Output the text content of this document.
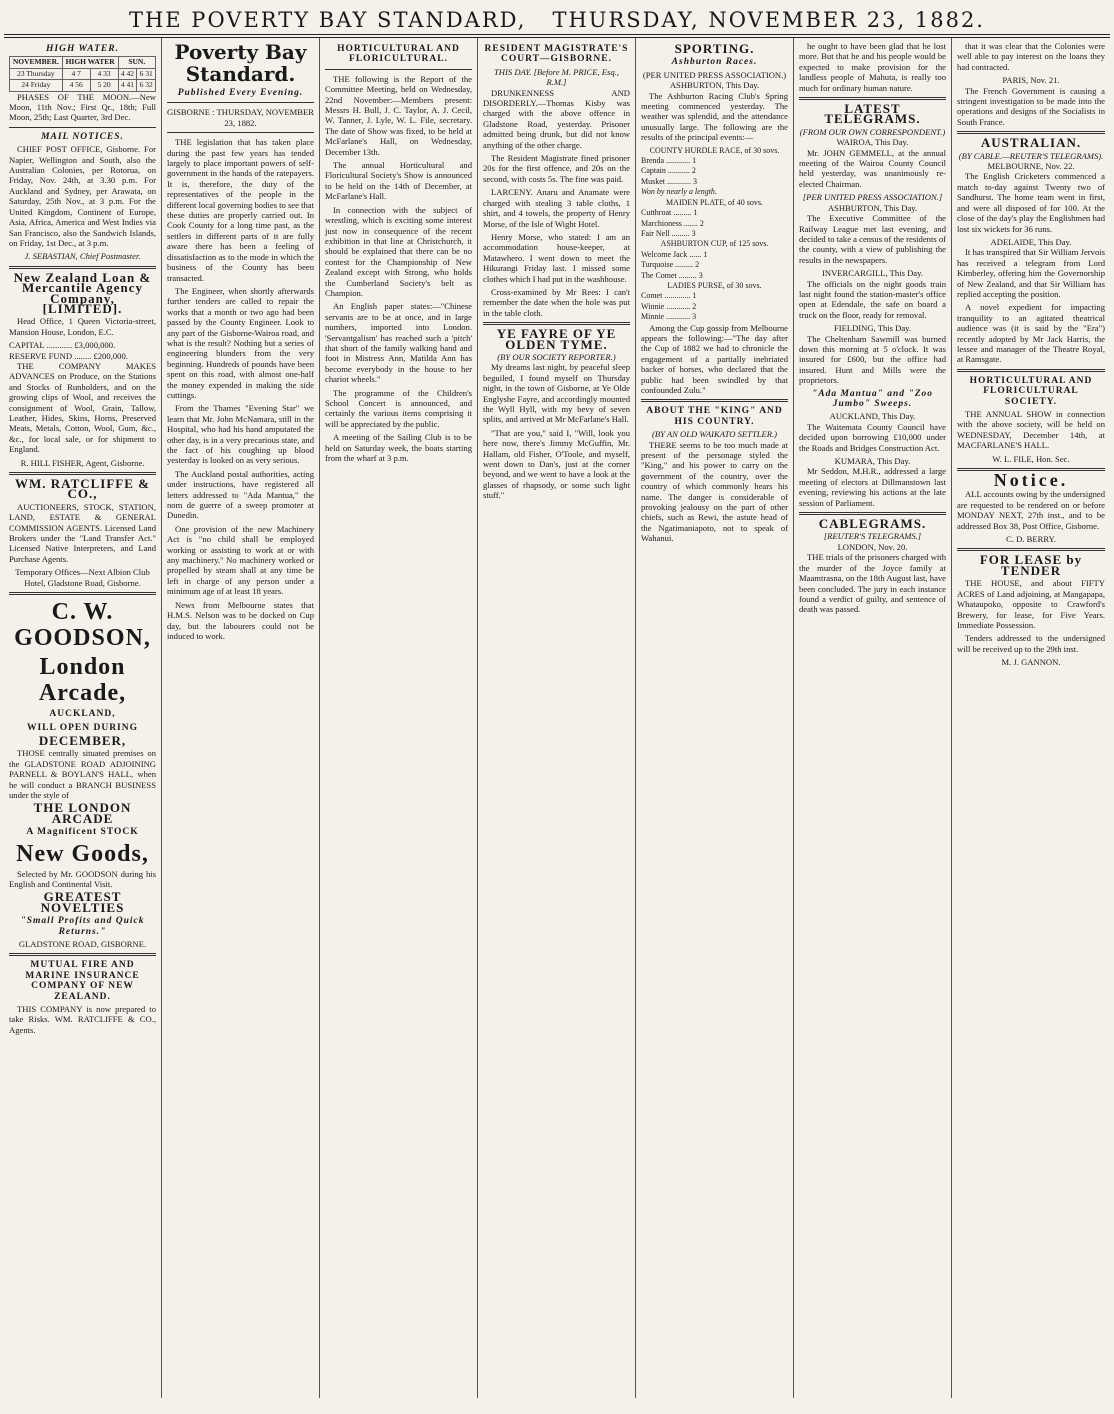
THE POVERTY BAY STANDARD, THURSDAY, NOVEMBER 23, 1882.
HIGH WATER.
NOVEMBER.	HIGH WATER		SUN.	
23 Thursday	4 7	4 33	4 42	6 31
24 Friday	4 56	5 20	4 41	6 32

PHASES OF THE MOON.—New Moon, 11th Nov.; First Qr., 18th; Full Moon, 25th; Last Quarter, 3rd Dec.

MAIL NOTICES.

CHIEF POST OFFICE, Gisborne. For Napier, Wellington and South, also the Australian Colonies, per Rotorua, on Friday, Nov. 24th, at 3.30 p.m. For Auckland and Sydney, per Arawata, on Saturday, 25th Nov., at 3 p.m. For the United Kingdom, Continent of Europe, Asia, Africa, America and West Indies via San Francisco, also the Sandwich Islands, on Friday, 1st Dec., at 3 p.m.

J. SEBASTIAN, Chief Postmaster.
New Zealand Loan & Mercantile Agency Company, [LIMITED].

Head Office, 1 Queen Victoria-street, Mansion House, London, E.C.

CAPITAL ............ £3,000,000.
RESERVE FUND ........ £200,000.

THE COMPANY MAKES ADVANCES on Produce, on the Stations and Stocks of Runholders, and on the growing clips of Wool, and receives the consignment of Wool, Grain, Tallow, Leather, Hides, Skins, Horns, Preserved Meats, Metals, Cotton, Wool, Gum, &c., &c., for local sale, or for shipment to England.

R. HILL FISHER, Agent, Gisborne.
WM. RATCLIFFE & CO.,

AUCTIONEERS, STOCK, STATION, LAND, ESTATE & GENERAL COMMISSION AGENTS. Licensed Land Brokers under the "Land Transfer Act." Licensed Native Interpreters, and Land Purchase Agents.

Temporary Offices—Next Albion Club Hotel, Gladstone Road, Gisborne.
C. W. GOODSON,
London Arcade,
AUCKLAND,
WILL OPEN DURING
DECEMBER,

THOSE centrally situated premises on the GLADSTONE ROAD ADJOINING PARNELL & BOYLAN'S HALL, when he will conduct a BRANCH BUSINESS under the style of

THE LONDON ARCADE
A Magnificent STOCK
New Goods,

Selected by Mr. GOODSON during his English and Continental Visit.

GREATEST NOVELTIES
"Small Profits and Quick Returns."
GLADSTONE ROAD, GISBORNE.
MUTUAL FIRE AND MARINE INSURANCE COMPANY OF NEW ZEALAND.

THIS COMPANY is now prepared to take Risks. WM. RATCLIFFE & CO., Agents.

Poverty Bay Standard.
Published Every Evening.
GISBORNE : THURSDAY, NOVEMBER 23, 1882.

THE legislation that has taken place during the past few years has tended largely to place important powers of self-government in the hands of the ratepayers. It is, therefore, the duty of the representatives of the people in the different local governing bodies to see that these duties are properly carried out. In Cook County for a long time past, as the settlers in different parts of it are fully aware there has been a feeling of dissatisfaction as to the mode in which the business of the County has been transacted.

The Engineer, when shortly afterwards further tenders are called to repair the works that a month or two ago had been passed by the County Engineer. Look to any part of the Gisborne-Wairoa road, and what is the result? Nothing but a series of engineering blunders from the very beginning. Hundreds of pounds have been spent on this road, with almost one-half the money expended in making the side cuttings.

From the Thames "Evening Star" we learn that Mr. John McNamara, still in the Hospital, who had his hand amputated the other day, is in a very precarious state, and the fact of his coughing up blood yesterday is looked on as very serious.

The Auckland postal authorities, acting under instructions, have registered all letters addressed to "Ada Mantua," the nom de guerre of a sweep promoter at Dunedin.

One provision of the new Machinery Act is "no child shall be employed working or assisting to work at or with any machinery." No machinery worked or propelled by steam shall at any time be left in charge of any person under a minimum age of at least 18 years.

News from Melbourne states that H.M.S. Nelson was to be docked on Cup day, but the labourers could not be induced to work.

HORTICULTURAL AND FLORICULTURAL.

THE following is the Report of the Committee Meeting, held on Wednesday, 22nd November:—Members present: Messrs H. Bull, J. C. Taylor, A. J. Cecil, W. Tanner, J. Lyle, W. L. File, secretary. The date of Show was fixed, to be held at McFarlane's Hall, on Wednesday, December 13th.

The annual Horticultural and Floricultural Society's Show is announced to be held on the 14th of December, at McFarlane's Hall.

In connection with the subject of wrestling, which is exciting some interest just now in consequence of the recent exhibition in that line at Christchurch, it should be explained that there can be no contest for the Championship of New Zealand except with Strong, who holds the Cumberland Society's belt as Champion.

An English paper states:—"Chinese servants are to be at once, and in large numbers, imported into London. 'Servantgalism' has reached such a 'pitch' that short of the family walking hand and foot in Mistress Ann, Matilda Ann has become everybody in the house to her chariot wheels."

The programme of the Children's School Concert is announced, and certainly the various items comprising it will be appreciated by the public.

A meeting of the Sailing Club is to be held on Saturday week, the boats starting from the wharf at 3 p.m.

RESIDENT MAGISTRATE'S COURT—GISBORNE.
THIS DAY. [Before M. PRICE, Esq., R.M.]

DRUNKENNESS AND DISORDERLY.—Thomas Kisby was charged with the above offence in Gladstone Road, yesterday. Prisoner admitted being drunk, but did not know anything of the other charge.

The Resident Magistrate fined prisoner 20s for the first offence, and 20s on the second, with costs 5s. The fine was paid.

LARCENY. Anaru and Anamate were charged with stealing 3 table cloths, 1 shirt, and 4 towels, the property of Henry Morse, of the Isle of Wight Hotel.

Henry Morse, who stated: I am an accommodation house-keeper, at Matawhero. I went down to meet the Hikurangi Friday last. I missed some clothes which I had put in the washhouse.

Cross-examined by Mr Rees: I can't remember the date when the hole was put in the table cloth.

YE FAYRE OF YE OLDEN TYME.
(BY OUR SOCIETY REPORTER.)

My dreams last night, by peaceful sleep beguiled, I found myself on Thursday night, in the town of Gisborne, at Ye Olde Englyshe Fayre, and accordingly mounted the Wyll Hyll, with my bevy of seven splits, and arrived at Mr McFarlane's Hall.

"That are you," said I, "Will, look you here now, there's Jimmy McGuffin, Mr. Hallam, old Fisher, O'Toole, and myself, went down to Dan's, just at the corner beyond, and we went to have a look at the glasses of rhapsody, or some such light stuff."

SPORTING.
Ashburton Races.
(PER UNITED PRESS ASSOCIATION.)
ASHBURTON, This Day.

The Ashburton Racing Club's Spring meeting commenced yesterday. The weather was splendid, and the attendance unusually large. The following are the results of the principal events:—

COUNTY HURDLE RACE, of 30 sovs.
Brenda ............ 1
Captain ........... 2
Musket ............ 3
Won by nearly a length.
MAIDEN PLATE, of 40 sovs.
Cutthroat ......... 1
Marchioness ....... 2
Fair Nell ......... 3
ASHBURTON CUP, of 125 sovs.
Welcome Jack ...... 1
Turquoise ......... 2
The Comet ......... 3
LADIES PURSE, of 30 sovs.
Comet ............. 1
Winnie ............ 2
Minnie ............ 3

Among the Cup gossip from Melbourne appears the following:—"The day after the Cup of 1882 we had to chronicle the engagement of a partially inebriated backer of horses, who declared that the public had been swindled by that confounded Zulu."

ABOUT THE "KING" AND HIS COUNTRY.
(BY AN OLD WAIKATO SETTLER.)

THERE seems to be too much made at present of the personage styled the "King," and his power to carry on the government of the country, over the country of which commonly hears his name. The danger is considerable of provoking jealousy on the part of other chiefs, such as Rewi, the astute head of the Ngatimaniapoto, not to speak of Wahanui.

he ought to have been glad that he lost more. But that he and his people would be expected to make provision for the landless people of Mahuta, is really too much for ordinary human nature.

LATEST TELEGRAMS.
(FROM OUR OWN CORRESPONDENT.)
WAIROA, This Day.

Mr. JOHN GEMMELL, at the annual meeting of the Wairoa County Council held yesterday, was unanimously re-elected Chairman.

[PER UNITED PRESS ASSOCIATION.]
ASHBURTON, This Day.

The Executive Committee of the Railway League met last evening, and decided to take a census of the residents of the county, with a view of publishing the results in the newspapers.

INVERCARGILL, This Day.

The officials on the night goods train last night found the station-master's office open at Edendale, the safe on board a truck on the floor, ready for removal.

FIELDING, This Day.

The Cheltenham Sawmill was burned down this morning at 5 o'clock. It was insured for £600, but the office had insured. Hunt and Mills were the proprietors.

"Ada Mantua" and "Zoo Jumbo" Sweeps.
AUCKLAND, This Day.

The Waitemata County Council have decided upon borrowing £10,000 under the Roads and Bridges Construction Act.

KUMARA, This Day.

Mr Seddon, M.H.R., addressed a large meeting of electors at Dillmanstown last evening, reviewing his actions at the late session of Parliament.

CABLEGRAMS.
[REUTER'S TELEGRAMS.]
LONDON, Nov. 20.

THE trials of the prisoners charged with the murder of the Joyce family at Maamtrasna, on the 18th August last, have been concluded. The jury in each instance found a verdict of guilty, and sentence of death was passed.

that it was clear that the Colonies were well able to pay interest on the loans they had contracted.

PARIS, Nov. 21.

The French Government is causing a stringent investigation to be made into the operations and designs of the Socialists in South France.

AUSTRALIAN.
(BY CABLE.—REUTER'S TELEGRAMS).
MELBOURNE, Nov. 22.

The English Cricketers commenced a match to-day against Twenty two of Sandhurst. The home team went in first, and were all disposed of for 100. At the close of the day's play the Englishmen had lost six wickets for 36 runs.

ADELAIDE, This Day.

It has transpired that Sir William Jervois has received a telegram from Lord Kimberley, offering him the Governorship of New Zealand, and that Sir William has replied accepting the position.

A novel expedient for impacting tranquility to an agitated theatrical audience was (it is said by the "Era") recently adopted by Mr Jack Harris, the lessee and manager of the Theatre Royal, at Ramsgate.

HORTICULTURAL AND FLORICULTURAL SOCIETY.

THE ANNUAL SHOW in connection with the above society, will be held on WEDNESDAY, December 14th, at MACFARLANE'S HALL.

W. L. FILE, Hon. Sec.
Notice.

ALL accounts owing by the undersigned are requested to be rendered on or before MONDAY NEXT, 27th inst., and to be addressed Box 38, Post Office, Gisborne.

C. D. BERRY.
FOR LEASE by TENDER

THE HOUSE, and about FIFTY ACRES of Land adjoining, at Mangapapa, Whataupoko, opposite to Crawford's Brewery, for lease, for Five Years. Immediate Possession.

Tenders addressed to the undersigned will be received up to the 29th inst.

M. J. GANNON.
